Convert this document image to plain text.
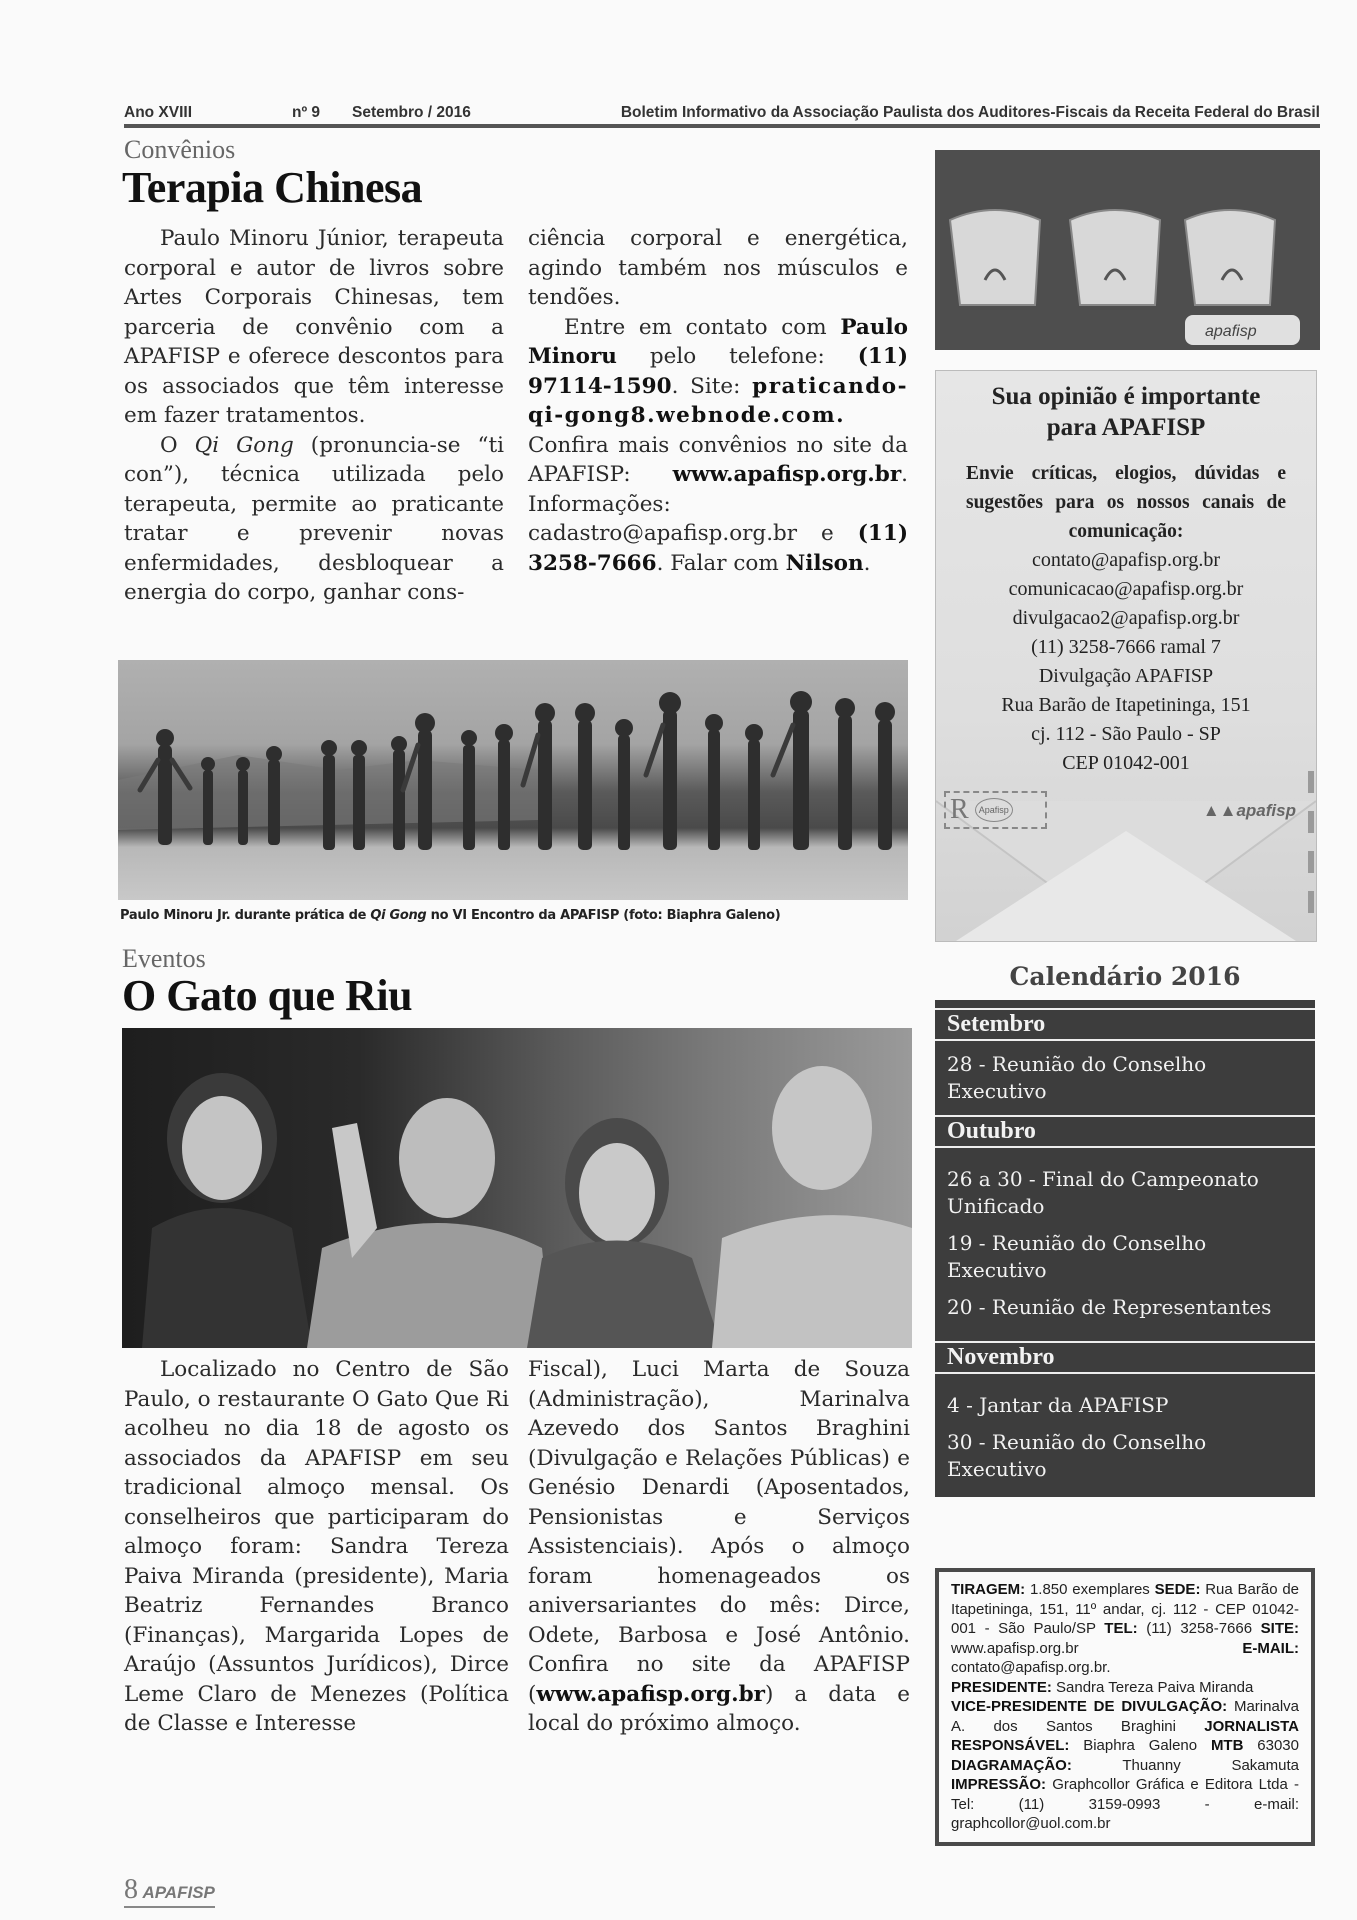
Ano XVIII	nº 9 Setembro / 2016	Boletim Informativo da Associação Paulista dos Auditores-Fiscais da Receita Federal do Brasil
Convênios
Terapia Chinesa

Paulo Minoru Júnior, terapeuta corporal e autor de livros sobre Artes Corporais Chinesas, tem parceria de convênio com a APAFISP e oferece descontos para os associados que têm interesse em fazer tratamentos.

O Qi Gong (pronuncia-se “ti con”), técnica utilizada pelo terapeuta, permite ao praticante tratar e prevenir novas enfermidades, desbloquear a energia do corpo, ganhar cons-

ciência corporal e energética, agindo também nos músculos e tendões.

Entre em contato com Paulo Minoru pelo telefone: (11) 97114-1590. Site: praticando-qi-gong8.webnode.com. Confira mais convênios no site da APAFISP: www.apafisp.org.br. Informações: cadastro@apafisp.org.br e (11) 3258-7666. Falar com Nilson.

Paulo Minoru Jr. durante prática de Qi Gong no VI Encontro da APAFISP (foto: Biaphra Galeno)
Eventos
O Gato que Riu

Localizado no Centro de São Paulo, o restaurante O Gato Que Ri acolheu no dia 18 de agosto os associados da APAFISP em seu tradicional almoço mensal. Os conselheiros que participaram do almoço foram: Sandra Tereza Paiva Miranda (presidente), Maria Beatriz Fernandes Branco (Finanças), Margarida Lopes de Araújo (Assuntos Jurídicos), Dirce Leme Claro de Menezes (Política de Classe e Interesse

Fiscal), Luci Marta de Souza (Administração), Marinalva Azevedo dos Santos Braghini (Divulgação e Relações Públicas) e Genésio Denardi (Aposentados, Pensionistas e Serviços Assistenciais). Após o almoço foram homenageados os aniversariantes do mês: Dirce, Odete, Barbosa e José Antônio. Confira no site da APAFISP (www.apafisp.org.br) a data e local do próximo almoço.

apafisp
Sua opinião é importante para APAFISP
Envie críticas, elogios, dúvidas e sugestões para os nossos canais de comunicação:
contato@apafisp.org.br
comunicacao@apafisp.org.br
divulgacao2@apafisp.org.br
(11) 3258-7666 ramal 7
Divulgação APAFISP
Rua Barão de Itapetininga, 151
cj. 112 - São Paulo - SP
CEP 01042-001
R	Apafisp	▲▲apafisp
Calendário 2016
Setembro
28 - Reunião do Conselho Executivo
Outubro
26 a 30 - Final do Campeonato Unificado
19 - Reunião do Conselho Executivo
20 - Reunião de Representantes
Novembro
4 - Jantar da APAFISP
30 - Reunião do Conselho Executivo
TIRAGEM: 1.850 exemplares SEDE: Rua Barão de Itapetininga, 151, 11º andar, cj. 112 - CEP 01042-001 - São Paulo/SP TEL: (11) 3258-7666 SITE: www.apafisp.org.br E-MAIL: contato@apafisp.org.br.
PRESIDENTE: Sandra Tereza Paiva Miranda
VICE-PRESIDENTE DE DIVULGAÇÃO: Marinalva A. dos Santos Braghini JORNALISTA RESPONSÁVEL: Biaphra Galeno MTB 63030 DIAGRAMAÇÃO: Thuanny Sakamuta IMPRESSÃO: Graphcollor Gráfica e Editora Ltda - Tel: (11) 3159-0993 - e-mail: graphcollor@uol.com.br
8 APAFISP
